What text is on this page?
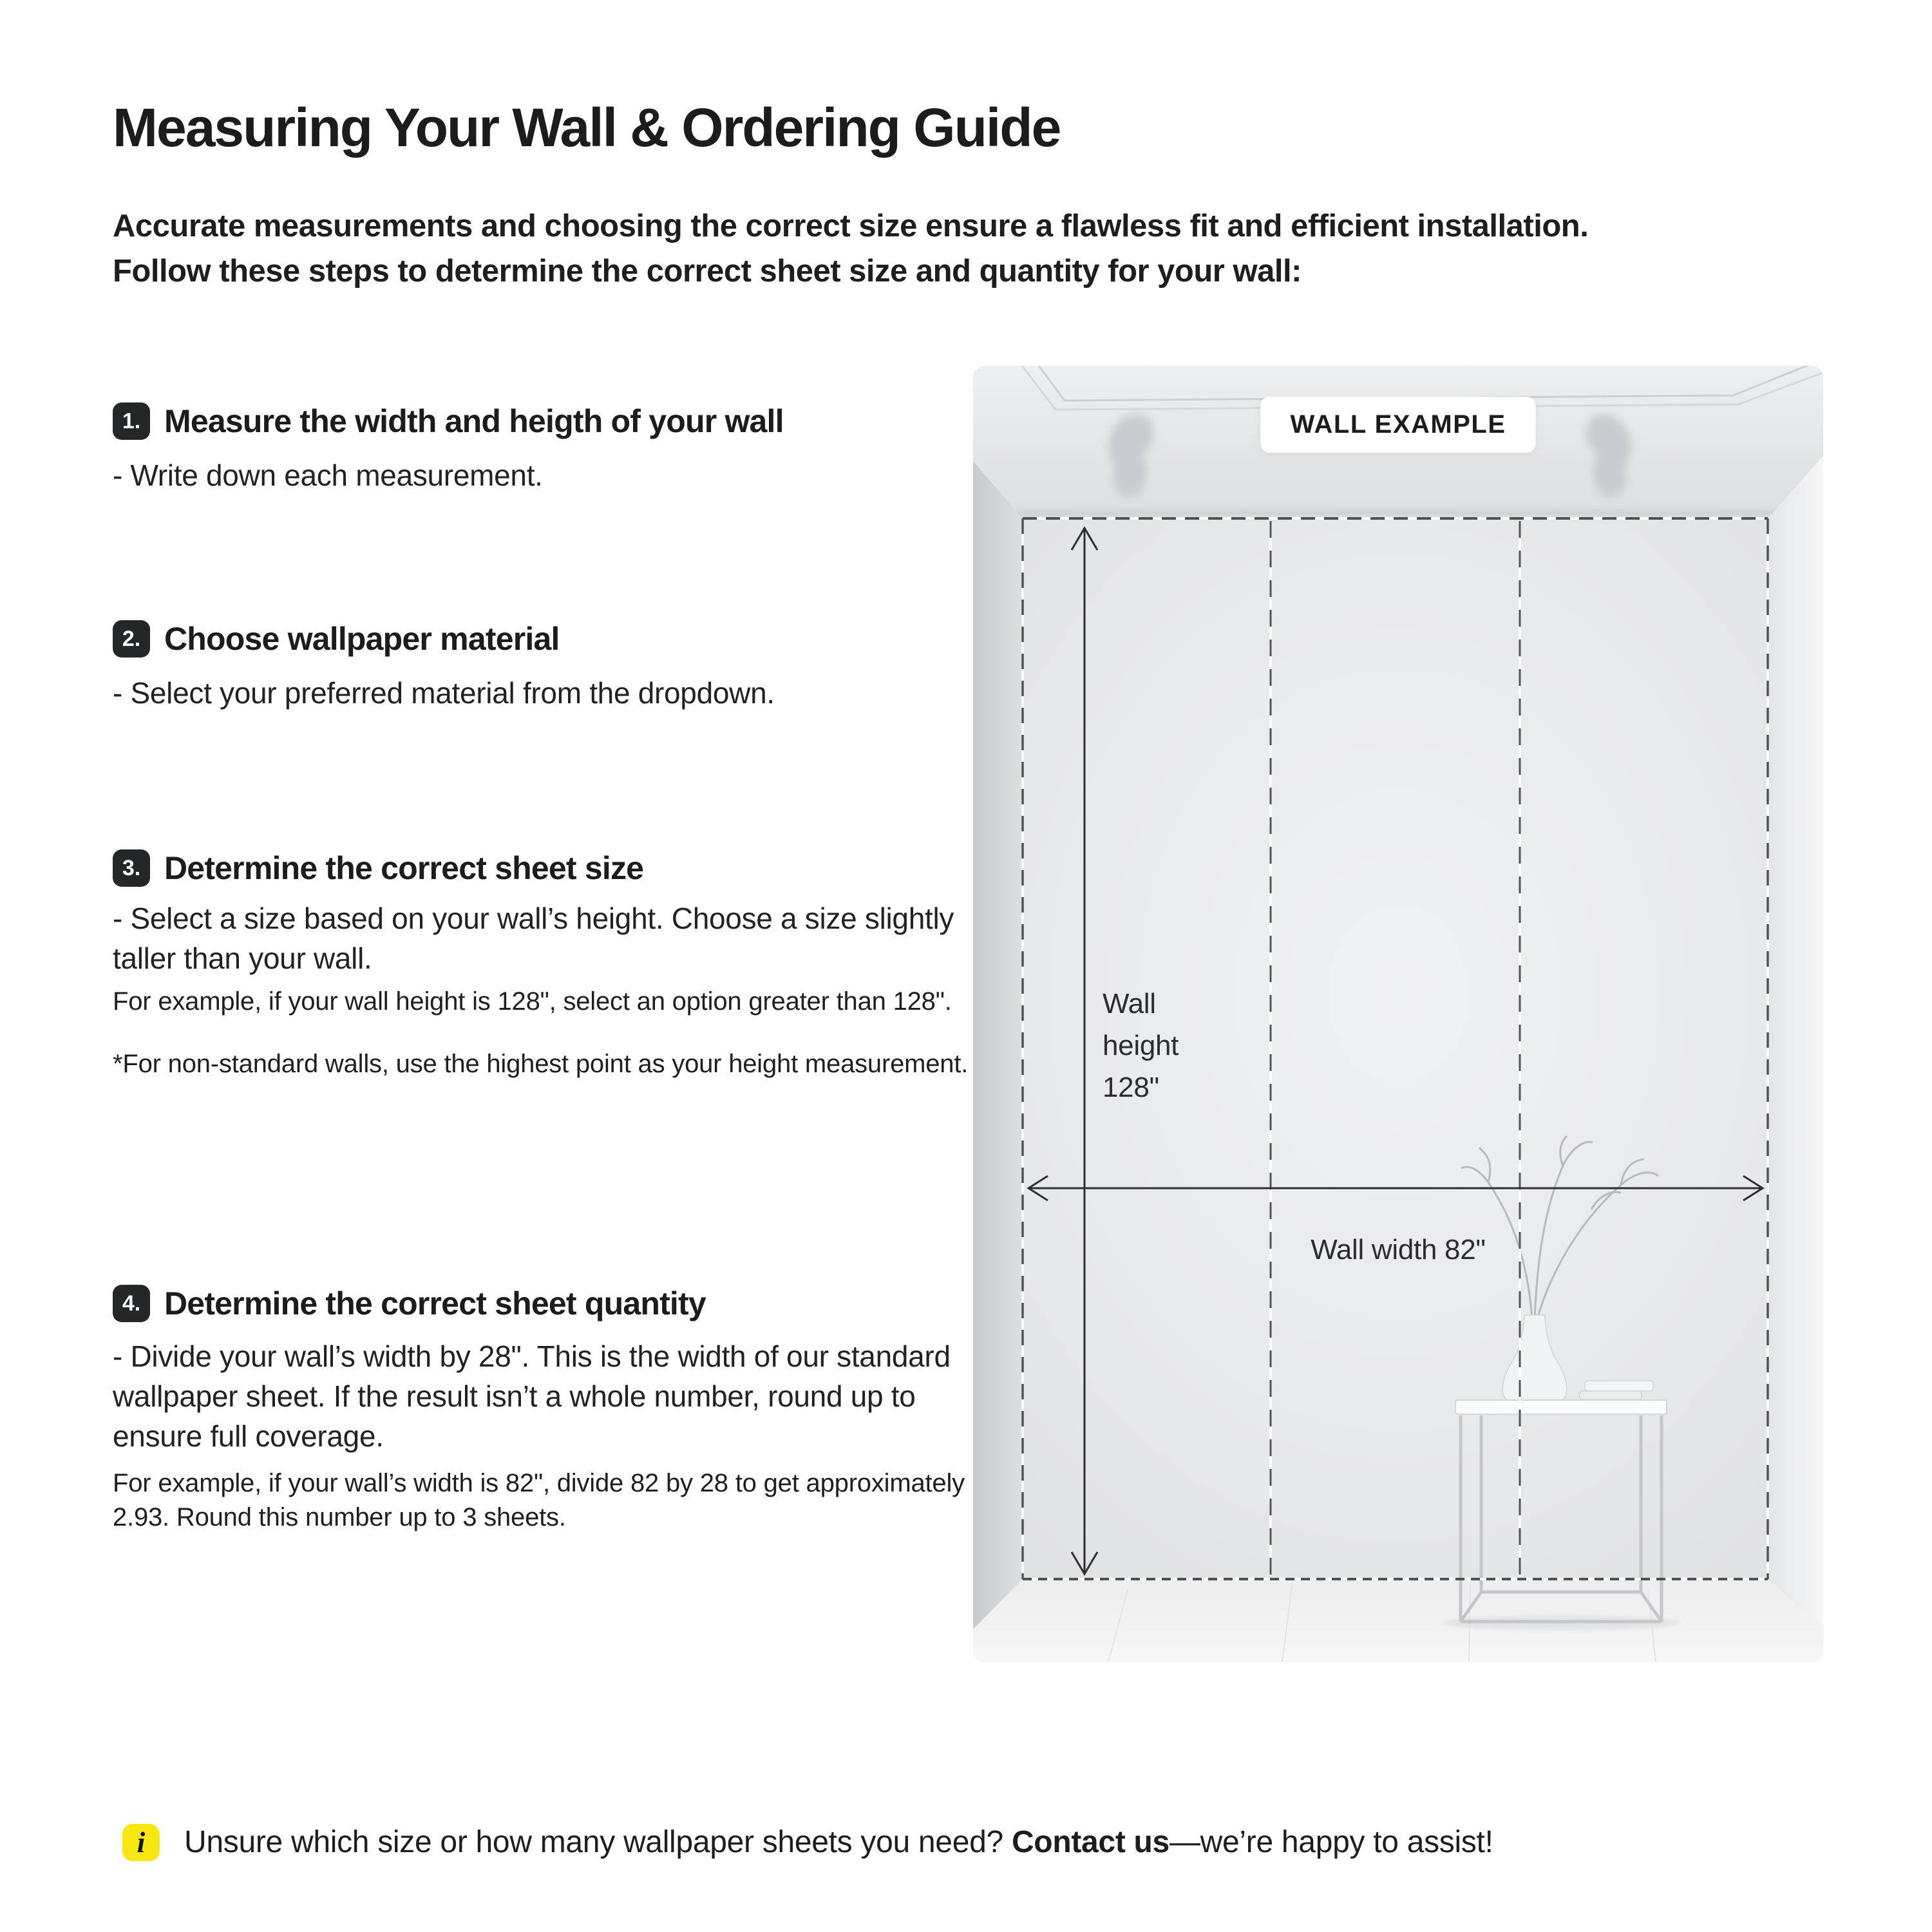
Measuring Your Wall & Ordering Guide
Accurate measurements and choosing the correct size ensure a flawless fit and efficient installation.
Follow these steps to determine the correct sheet size and quantity for your wall:
1. Measure the width and heigth of your wall

- Write down each measurement.

2. Choose wallpaper material

- Select your preferred material from the dropdown.

3. Determine the correct sheet size

- Select a size based on your wall’s height. Choose a size slightly taller than your wall.

For example, if your wall height is 128", select an option greater than 128".

*For non-standard walls, use the highest point as your height measurement.

4. Determine the correct sheet quantity

- Divide your wall’s width by 28". This is the width of our standard wallpaper sheet. If the result isn’t a whole number, round up to ensure full coverage.

For example, if your wall’s width is 82", divide 82 by 28 to get approximately 2.93. Round this number up to 3 sheets.

WALL EXAMPLE
Wall
height
128"
Wall width 82"
i	Unsure which size or how many wallpaper sheets you need? Contact us—we’re happy to assist!
